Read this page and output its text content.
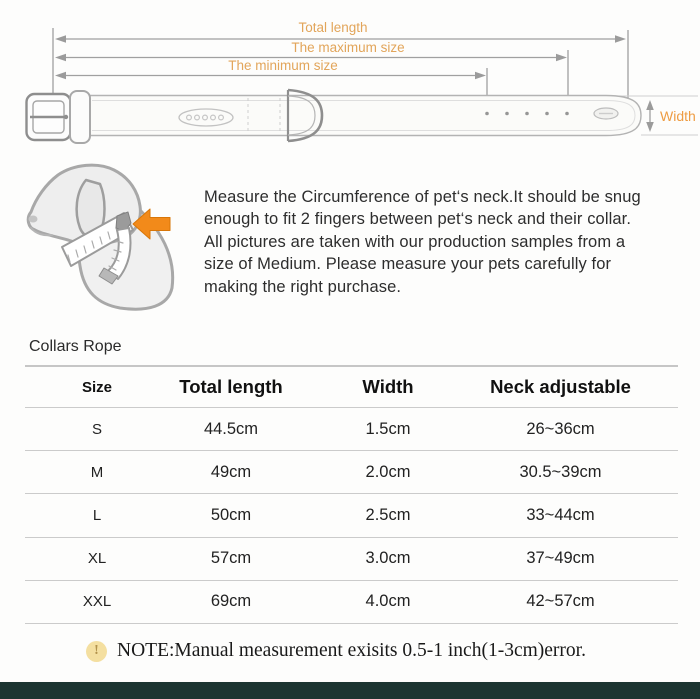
Total length
The maximum size
The minimum size
Width
Measure the Circumference of pet‘s neck.It should be snug
enough to fit 2 fingers between pet‘s neck and their collar.
All pictures are taken with our production samples from a
size of Medium. Please measure your pets carefully for
making the right purchase.
Collars Rope
Size	Total length	Width	Neck adjustable
S	44.5cm	1.5cm	26~36cm
M	49cm	2.0cm	30.5~39cm
L	50cm	2.5cm	33~44cm
XL	57cm	3.0cm	37~49cm
XXL	69cm	4.0cm	42~57cm
! NOTE:Manual measurement exisits 0.5-1 inch(1-3cm)error.
